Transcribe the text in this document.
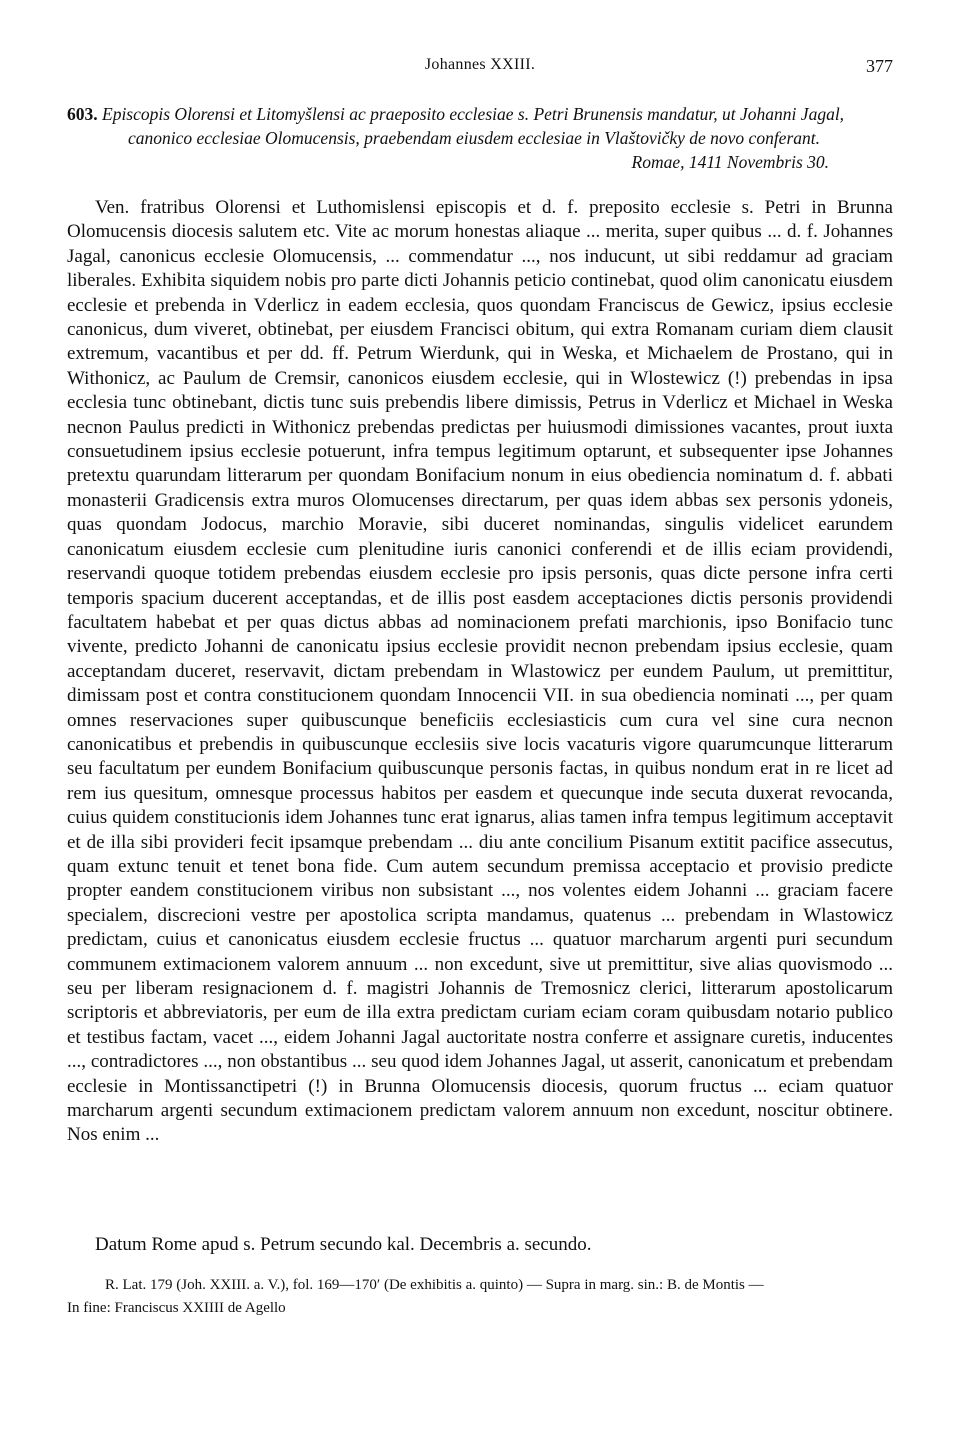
Johannes XXIII.	377
603. Episcopis Olorensi et Litomyšlensi ac praeposito ecclesiae s. Petri Brunensis mandatur, ut Johanni Jagal,
canonico ecclesiae Olomucensis, praebendam eiusdem ecclesiae in Vlaštovičky de novo conferant.
Romae, 1411 Novembris 30.

Ven. fratribus Olorensi et Luthomislensi episcopis et d. f. preposito ecclesie s. Petri in Brunna Olomucensis diocesis salutem etc. Vite ac morum honestas aliaque ... merita, super quibus ... d. f. Johannes Jagal, canonicus ecclesie Olomucensis, ... commendatur ..., nos inducunt, ut sibi reddamur ad graciam liberales. Exhibita siquidem nobis pro parte dicti Johannis peticio continebat, quod olim canonicatu eiusdem ecclesie et prebenda in Vderlicz in eadem ecclesia, quos quondam Franciscus de Gewicz, ipsius ecclesie canonicus, dum viveret, obtinebat, per eiusdem Francisci obitum, qui extra Romanam curiam diem clausit extremum, vacantibus et per dd. ff. Petrum Wierdunk, qui in Weska, et Michaelem de Prostano, qui in Withonicz, ac Paulum de Cremsir, canonicos eiusdem ecclesie, qui in Wlostewicz (!) prebendas in ipsa ecclesia tunc obtinebant, dictis tunc suis prebendis libere dimissis, Petrus in Vderlicz et Michael in Weska necnon Paulus predicti in Withonicz prebendas predictas per huiusmodi dimissiones vacantes, prout iuxta consuetudinem ipsius ecclesie potuerunt, infra tempus legitimum optarunt, et subsequenter ipse Johannes pretextu quarundam litterarum per quondam Bonifacium nonum in eius obediencia nominatum d. f. abbati monasterii Gradicensis extra muros Olomucenses directarum, per quas idem abbas sex personis ydoneis, quas quondam Jodocus, marchio Moravie, sibi duceret nominandas, singulis videlicet earundem canonicatum eiusdem ecclesie cum plenitudine iuris canonici conferendi et de illis eciam providendi, reservandi quoque totidem prebendas eiusdem ecclesie pro ipsis personis, quas dicte persone infra certi temporis spacium ducerent acceptandas, et de illis post easdem acceptaciones dictis personis providendi facultatem habebat et per quas dictus abbas ad nominacionem prefati marchionis, ipso Bonifacio tunc vivente, predicto Johanni de canonicatu ipsius ecclesie providit necnon prebendam ipsius ecclesie, quam acceptandam duceret, reservavit, dictam prebendam in Wlastowicz per eundem Paulum, ut premittitur, dimissam post et contra constitucionem quondam Innocencii VII. in sua obediencia nominati ..., per quam omnes reservaciones super quibuscunque beneficiis ecclesiasticis cum cura vel sine cura necnon canonicatibus et prebendis in quibuscunque ecclesiis sive locis vacaturis vigore quarumcunque litterarum seu facultatum per eundem Bonifacium quibuscunque personis factas, in quibus nondum erat in re licet ad rem ius quesitum, omnesque processus habitos per easdem et quecunque inde secuta duxerat revocanda, cuius quidem constitucionis idem Johannes tunc erat ignarus, alias tamen infra tempus legitimum acceptavit et de illa sibi provideri fecit ipsamque prebendam ... diu ante concilium Pisanum extitit pacifice assecutus, quam extunc tenuit et tenet bona fide. Cum autem secundum premissa acceptacio et provisio predicte propter eandem constitucionem viribus non subsistant ..., nos volentes eidem Johanni ... graciam facere specialem, discrecioni vestre per apostolica scripta mandamus, quatenus ... prebendam in Wlastowicz predictam, cuius et canonicatus eiusdem ecclesie fructus ... quatuor marcharum argenti puri secundum communem extimacionem valorem annuum ... non excedunt, sive ut premittitur, sive alias quovismodo ... seu per liberam resignacionem d. f. magistri Johannis de Tremosnicz clerici, litterarum apostolicarum scriptoris et abbreviatoris, per eum de illa extra predictam curiam eciam coram quibusdam notario publico et testibus factam, vacet ..., eidem Johanni Jagal auctoritate nostra conferre et assignare curetis, inducentes ..., contradictores ..., non obstantibus ... seu quod idem Johannes Jagal, ut asserit, canonicatum et prebendam ecclesie in Montissanctipetri (!) in Brunna Olomucensis diocesis, quorum fructus ... eciam quatuor marcharum argenti secundum extimacionem predictam valorem annuum non excedunt, noscitur obtinere. Nos enim ...

Datum Rome apud s. Petrum secundo kal. Decembris a. secundo.

R. Lat. 179 (Joh. XXIII. a. V.), fol. 169—170′ (De exhibitis a. quinto) — Supra in marg. sin.: B. de Montis —

In fine: Franciscus XXIIII de Agello
